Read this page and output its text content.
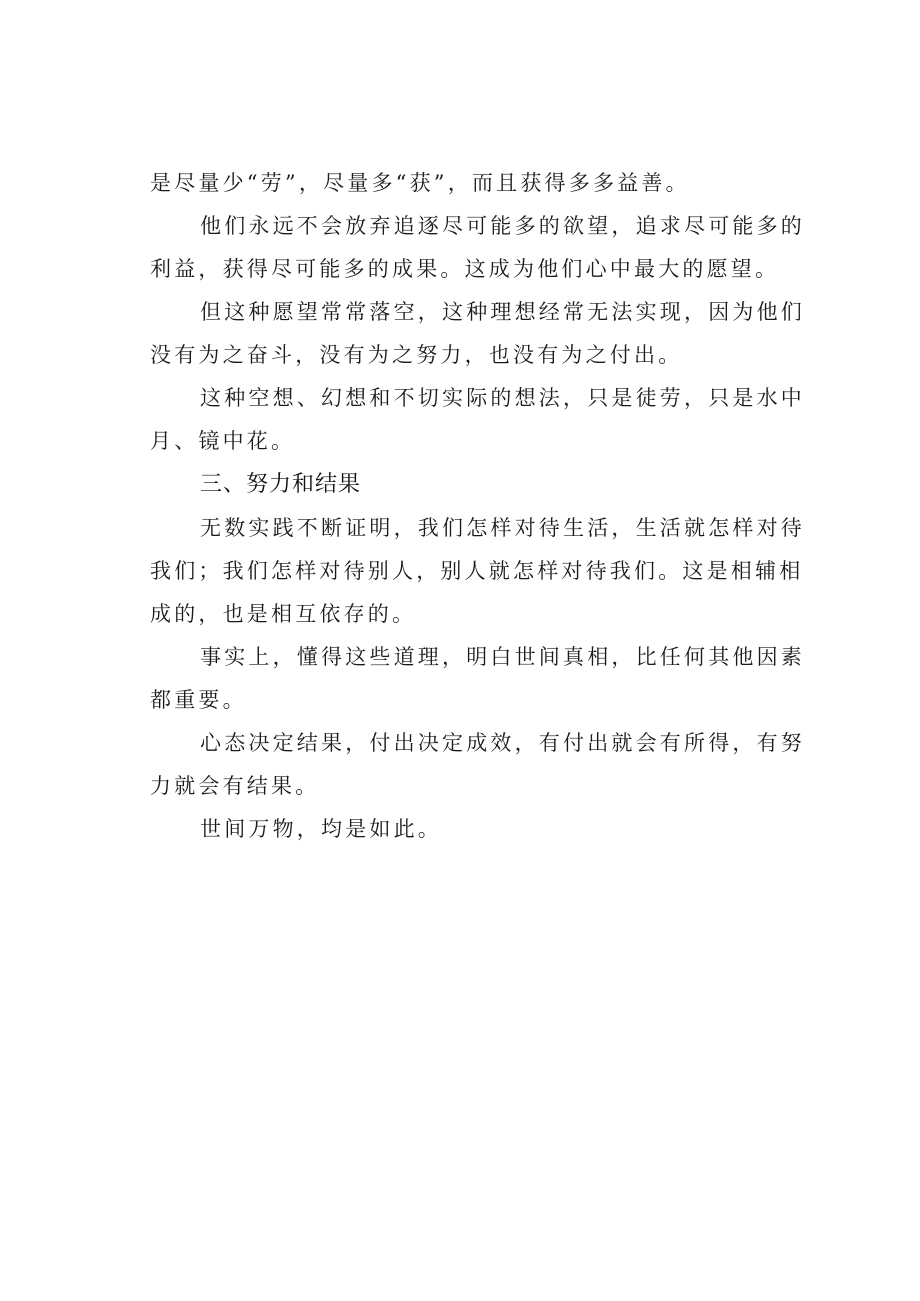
是尽量少“劳”，尽量多“获”，而且获得多多益善。

他们永远不会放弃追逐尽可能多的欲望，追求尽可能多的利益，获得尽可能多的成果。这成为他们心中最大的愿望。

但这种愿望常常落空，这种理想经常无法实现，因为他们没有为之奋斗，没有为之努力，也没有为之付出。

这种空想、幻想和不切实际的想法，只是徒劳，只是水中月、镜中花。

三、努力和结果

无数实践不断证明，我们怎样对待生活，生活就怎样对待我们；我们怎样对待别人，别人就怎样对待我们。这是相辅相成的，也是相互依存的。

事实上，懂得这些道理，明白世间真相，比任何其他因素都重要。

心态决定结果，付出决定成效，有付出就会有所得，有努力就会有结果。

世间万物，均是如此。
